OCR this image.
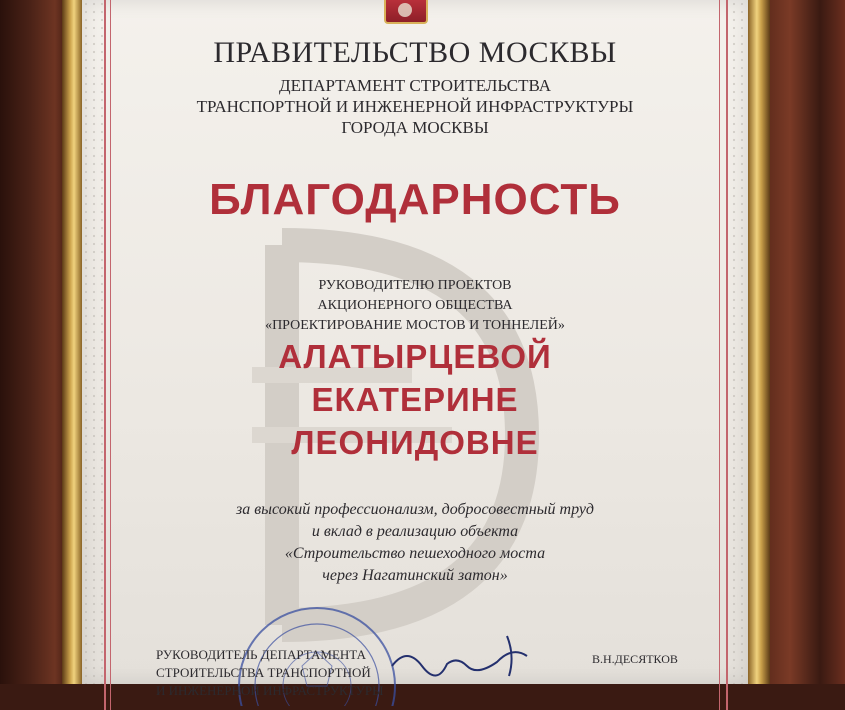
ПРАВИТЕЛЬСТВО МОСКВЫ
ДЕПАРТАМЕНТ СТРОИТЕЛЬСТВА
ТРАНСПОРТНОЙ И ИНЖЕНЕРНОЙ ИНФРАСТРУКТУРЫ
ГОРОДА МОСКВЫ
БЛАГОДАРНОСТЬ
РУКОВОДИТЕЛЮ ПРОЕКТОВ
АКЦИОНЕРНОГО ОБЩЕСТВА
«ПРОЕКТИРОВАНИЕ МОСТОВ И ТОННЕЛЕЙ»
АЛАТЫРЦЕВОЙ
ЕКАТЕРИНЕ
ЛЕОНИДОВНЕ
за высокий профессионализм, добросовестный труд
и вклад в реализацию объекта
«Строительство пешеходного моста
через Нагатинский затон»
РУКОВОДИТЕЛЬ ДЕПАРТАМЕНТА
СТРОИТЕЛЬСТВА ТРАНСПОРТНОЙ
И ИНЖЕНЕРНОЙ ИНФРАСТРУКТУРЫ
В.Н.ДЕСЯТКОВ
